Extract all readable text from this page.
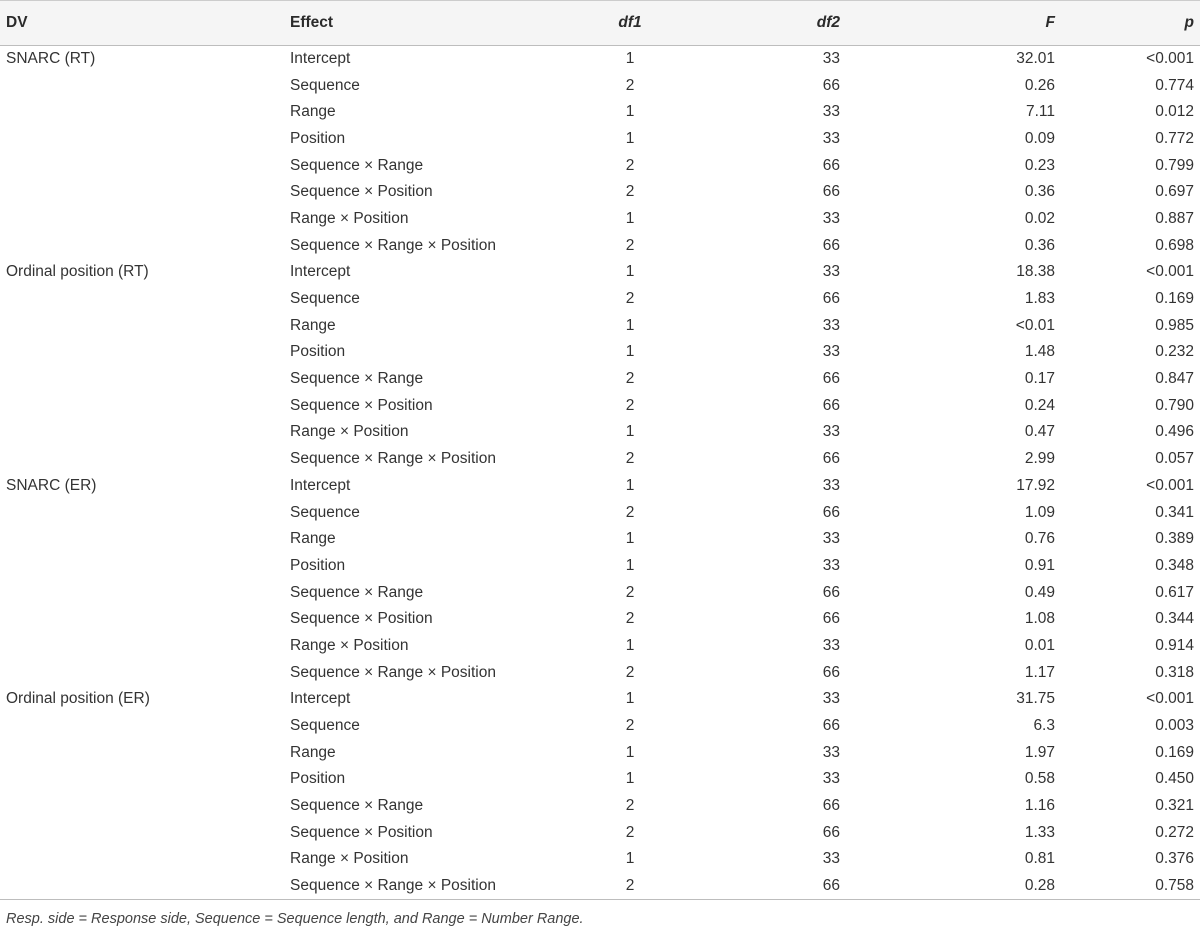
DV	Effect	df1	df2	F	p
SNARC (RT)	Intercept	1	33	32.01	<0.001
	Sequence	2	66	0.26	0.774
	Range	1	33	7.11	0.012
	Position	1	33	0.09	0.772
	Sequence × Range	2	66	0.23	0.799
	Sequence × Position	2	66	0.36	0.697
	Range × Position	1	33	0.02	0.887
	Sequence × Range × Position	2	66	0.36	0.698
Ordinal position (RT)	Intercept	1	33	18.38	<0.001
	Sequence	2	66	1.83	0.169
	Range	1	33	<0.01	0.985
	Position	1	33	1.48	0.232
	Sequence × Range	2	66	0.17	0.847
	Sequence × Position	2	66	0.24	0.790
	Range × Position	1	33	0.47	0.496
	Sequence × Range × Position	2	66	2.99	0.057
SNARC (ER)	Intercept	1	33	17.92	<0.001
	Sequence	2	66	1.09	0.341
	Range	1	33	0.76	0.389
	Position	1	33	0.91	0.348
	Sequence × Range	2	66	0.49	0.617
	Sequence × Position	2	66	1.08	0.344
	Range × Position	1	33	0.01	0.914
	Sequence × Range × Position	2	66	1.17	0.318
Ordinal position (ER)	Intercept	1	33	31.75	<0.001
	Sequence	2	66	6.3	0.003
	Range	1	33	1.97	0.169
	Position	1	33	0.58	0.450
	Sequence × Range	2	66	1.16	0.321
	Sequence × Position	2	66	1.33	0.272
	Range × Position	1	33	0.81	0.376
	Sequence × Range × Position	2	66	0.28	0.758
Resp. side = Response side, Sequence = Sequence length, and Range = Number Range.
